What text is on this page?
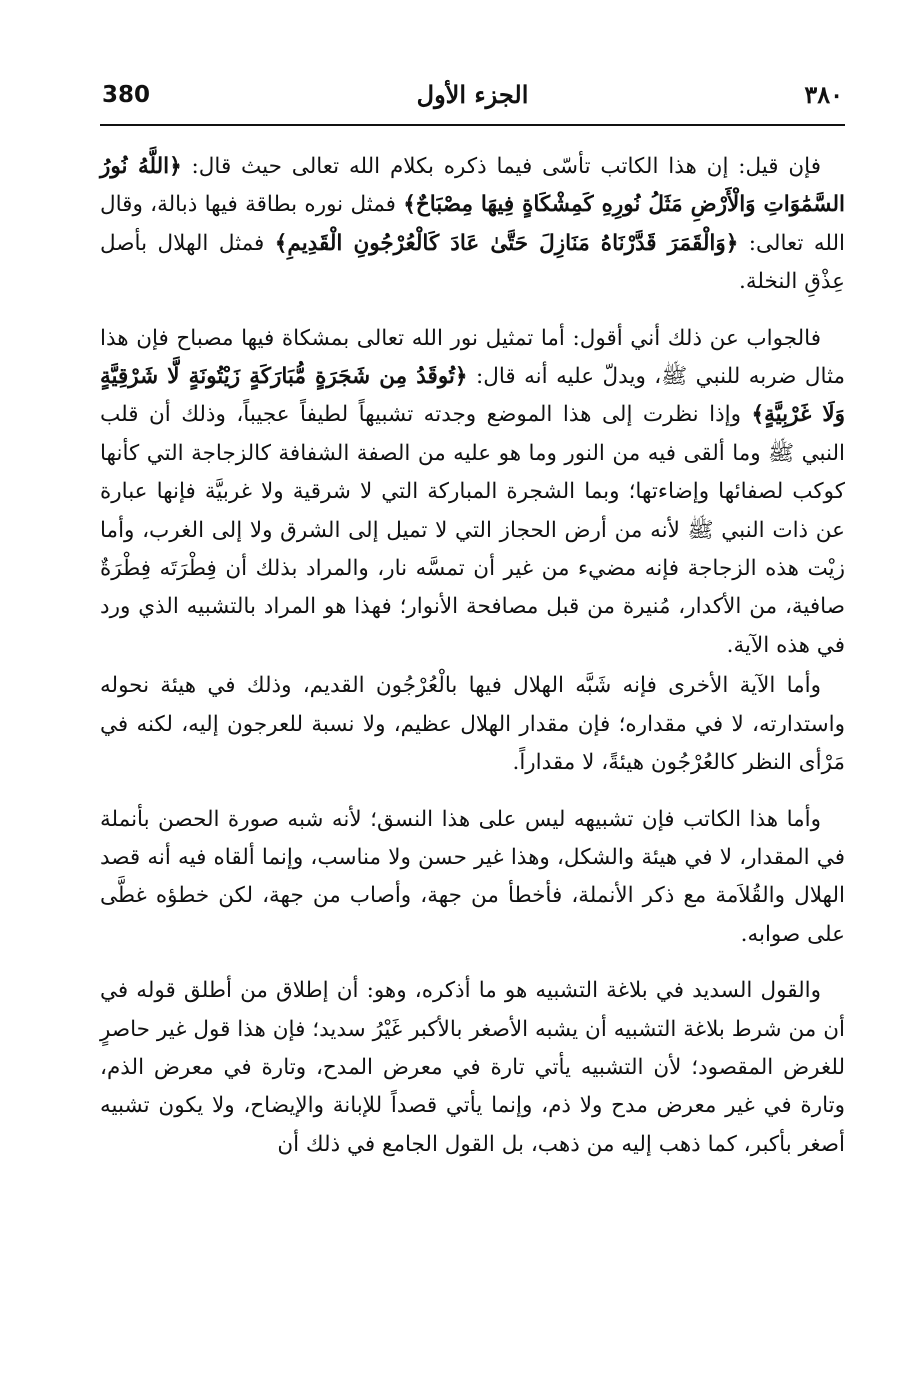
380	الجزء الأول	٣٨٠

فإن قيل: إن هذا الكاتب تأسّى فيما ذكره بكلام الله تعالى حيث قال: ﴿اللَّهُ نُورُ السَّمَٰوَاتِ وَالْأَرْضِ مَثَلُ نُورِهِ كَمِشْكَاةٍ فِيهَا مِصْبَاحٌ﴾ فمثل نوره بطاقة فيها ذبالة، وقال الله تعالى: ﴿وَالْقَمَرَ قَدَّرْنَاهُ مَنَازِلَ حَتَّىٰ عَادَ كَالْعُرْجُونِ الْقَدِيمِ﴾ فمثل الهلال بأصل عِذْقِ النخلة.

فالجواب عن ذلك أني أقول: أما تمثيل نور الله تعالى بمشكاة فيها مصباح فإن هذا مثال ضربه للنبي ﷺ، ويدلّ عليه أنه قال: ﴿تُوقَدُ مِن شَجَرَةٍ مُّبَارَكَةٍ زَيْتُونَةٍ لَّا شَرْقِيَّةٍ وَلَا غَرْبِيَّةٍ﴾ وإذا نظرت إلى هذا الموضع وجدته تشبيهاً لطيفاً عجيباً، وذلك أن قلب النبي ﷺ وما ألقى فيه من النور وما هو عليه من الصفة الشفافة كالزجاجة التي كأنها كوكب لصفائها وإضاءتها؛ وبما الشجرة المباركة التي لا شرقية ولا غربيَّة فإنها عبارة عن ذات النبي ﷺ لأنه من أرض الحجاز التي لا تميل إلى الشرق ولا إلى الغرب، وأما زيْت هذه الزجاجة فإنه مضيء من غير أن تمسَّه نار، والمراد بذلك أن فِطْرَتَه فِطْرَةٌ صافية، من الأكدار، مُنيرة من قبل مصافحة الأنوار؛ فهذا هو المراد بالتشبيه الذي ورد في هذه الآية.

وأما الآية الأخرى فإنه شَبَّه الهلال فيها بالْعُرْجُون القديم، وذلك في هيئة نحوله واستدارته، لا في مقداره؛ فإن مقدار الهلال عظيم، ولا نسبة للعرجون إليه، لكنه في مَرْأى النظر كالعُرْجُون هيئةً، لا مقداراً.

وأما هذا الكاتب فإن تشبيهه ليس على هذا النسق؛ لأنه شبه صورة الحصن بأنملة في المقدار، لا في هيئة والشكل، وهذا غير حسن ولا مناسب، وإنما ألقاه فيه أنه قصد الهلال والقُلاَمة مع ذكر الأنملة، فأخطأ من جهة، وأصاب من جهة، لكن خطؤه غطَّى على صوابه.

والقول السديد في بلاغة التشبيه هو ما أذكره، وهو: أن إطلاق من أطلق قوله في أن من شرط بلاغة التشبيه أن يشبه الأصغر بالأكبر غَيْرُ سديد؛ فإن هذا قول غير حاصرٍ للغرض المقصود؛ لأن التشبيه يأتي تارة في معرض المدح، وتارة في معرض الذم، وتارة في غير معرض مدح ولا ذم، وإنما يأتي قصداً للإبانة والإيضاح، ولا يكون تشبيه أصغر بأكبر، كما ذهب إليه من ذهب، بل القول الجامع في ذلك أن
